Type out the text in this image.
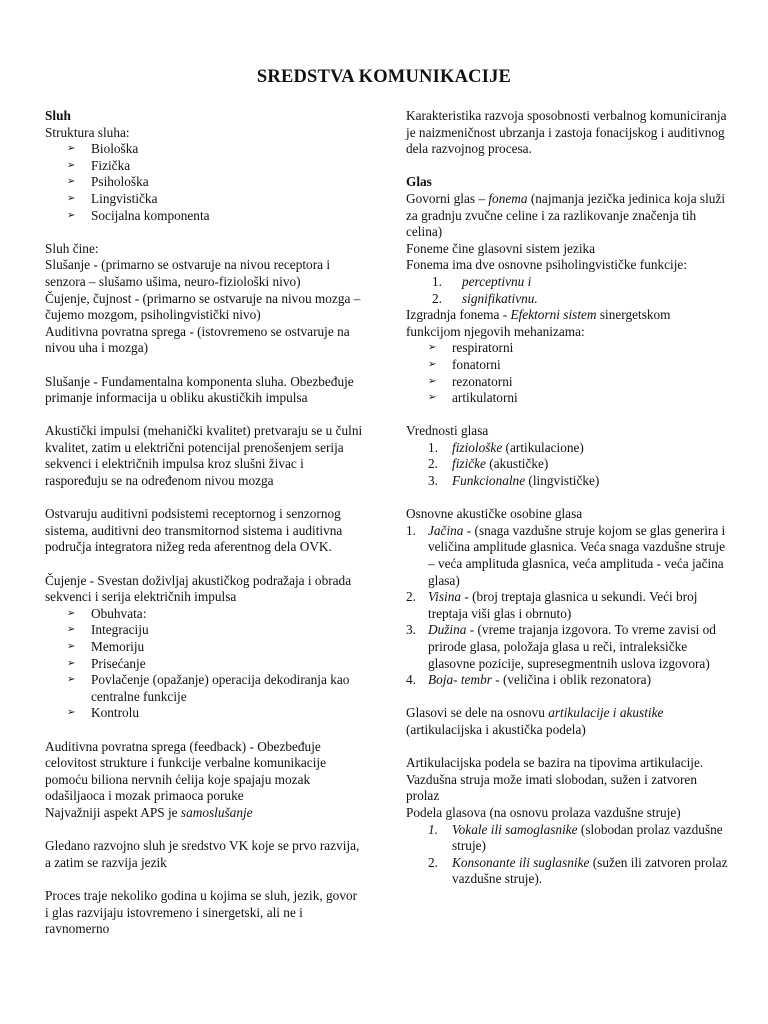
SREDSTVA KOMUNIKACIJE

Sluh

Struktura sluha:

➢ Biološka
➢ Fizička
➢ Psihološka
➢ Lingvistička
➢ Socijalna komponenta

Sluh čine:

Slušanje - (primarno se ostvaruje na nivou receptora i senzora – slušamo ušima, neuro-fiziološki nivo)

Čujenje, čujnost - (primarno se ostvaruje na nivou mozga – čujemo mozgom, psiholingvistički nivo)

Auditivna povratna sprega - (istovremeno se ostvaruje na nivou uha i mozga)

Slušanje - Fundamentalna komponenta sluha. Obezbeđuje primanje informacija u obliku akustičkih impulsa

Akustički impulsi (mehanički kvalitet) pretvaraju se u čulni kvalitet, zatim u električni potencijal prenošenjem serija sekvenci i električnih impulsa kroz slušni živac i raspoređuju se na određenom nivou mozga

Ostvaruju auditivni podsistemi receptornog i senzornog sistema, auditivni deo transmitornod sistema i auditivna područja integratora nižeg reda aferentnog dela OVK.

Čujenje - Svestan doživljaj akustičkog podražaja i obrada sekvenci i serija električnih impulsa

➢ Obuhvata:
➢ Integraciju
➢ Memoriju
➢ Prisećanje
➢ Povlačenje (opažanje) operacija dekodiranja kao centralne funkcije
➢ Kontrolu

Auditivna povratna sprega (feedback) - Obezbeđuje celovitost strukture i funkcije verbalne komunikacije pomoću biliona nervnih ćelija koje spajaju mozak odašiljaoca i mozak primaoca poruke

Najvažniji aspekt APS je samoslušanje

Gledano razvojno sluh je sredstvo VK koje se prvo razvija, a zatim se razvija jezik

Proces traje nekoliko godina u kojima se sluh, jezik, govor i glas razvijaju istovremeno i sinergetski, ali ne i ravnomerno

Karakteristika razvoja sposobnosti verbalnog komuniciranja je naizmeničnost ubrzanja i zastoja fonacijskog i auditivnog dela razvojnog procesa.

Glas

Govorni glas – fonema (najmanja jezička jedinica koja služi za gradnju zvučne celine i za razlikovanje značenja tih celina)

Foneme čine glasovni sistem jezika

Fonema ima dve osnovne psiholingvističke funkcije:

1. perceptivnu i
2. signifikativnu.

Izgradnja fonema - Efektorni sistem sinergetskom funkcijom njegovih mehanizama:

➢ respiratorni
➢ fonatorni
➢ rezonatorni
➢ artikulatorni

Vrednosti glasa

1. fiziološke (artikulacione)
2. fizičke (akustičke)
3. Funkcionalne (lingvističke)

Osnovne akustičke osobine glasa

1. Jačina - (snaga vazdušne struje kojom se glas generira i veličina amplitude glasnica. Veća snaga vazdušne struje – veća amplituda glasnica, veća amplituda - veća jačina glasa)
2. Visina - (broj treptaja glasnica u sekundi. Veći broj treptaja viši glas i obrnuto)
3. Dužina - (vreme trajanja izgovora. To vreme zavisi od prirode glasa, položaja glasa u reči, intraleksičke glasovne pozicije, supresegmentnih uslova izgovora)
4. Boja- tembr - (veličina i oblik rezonatora)

Glasovi se dele na osnovu artikulacije i akustike (artikulacijska i akustička podela)

Artikulacijska podela se bazira na tipovima artikulacije.

Vazdušna struja može imati slobodan, sužen i zatvoren prolaz

Podela glasova (na osnovu prolaza vazdušne struje)

1. Vokale ili samoglasnike (slobodan prolaz vazdušne struje)
2. Konsonante ili suglasnike (sužen ili zatvoren prolaz vazdušne struje).
